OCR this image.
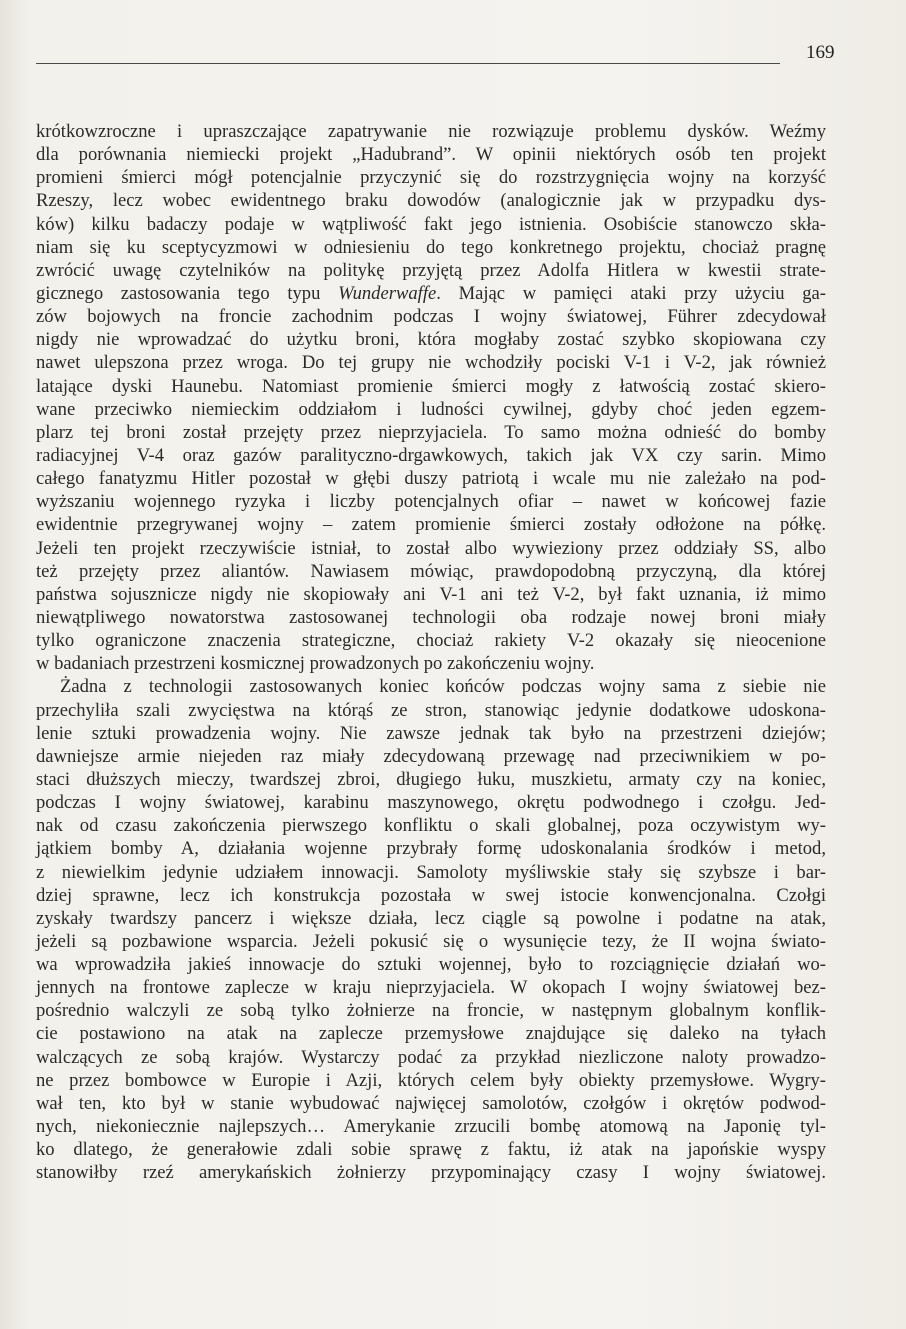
169
krótkowzroczne i upraszczające zapatrywanie nie rozwiązuje problemu dysków. Weźmy
dla porównania niemiecki projekt „Hadubrand”. W opinii niektórych osób ten projekt
promieni śmierci mógł potencjalnie przyczynić się do rozstrzygnięcia wojny na korzyść
Rzeszy, lecz wobec ewidentnego braku dowodów (analogicznie jak w przypadku dys-
ków) kilku badaczy podaje w wątpliwość fakt jego istnienia. Osobiście stanowczo skła-
niam się ku sceptycyzmowi w odniesieniu do tego konkretnego projektu, chociaż pragnę
zwrócić uwagę czytelników na politykę przyjętą przez Adolfa Hitlera w kwestii strate-
gicznego zastosowania tego typu Wunderwaffe. Mając w pamięci ataki przy użyciu ga-
zów bojowych na froncie zachodnim podczas I wojny światowej, Führer zdecydował
nigdy nie wprowadzać do użytku broni, która mogłaby zostać szybko skopiowana czy
nawet ulepszona przez wroga. Do tej grupy nie wchodziły pociski V-1 i V-2, jak również
latające dyski Haunebu. Natomiast promienie śmierci mogły z łatwością zostać skiero-
wane przeciwko niemieckim oddziałom i ludności cywilnej, gdyby choć jeden egzem-
plarz tej broni został przejęty przez nieprzyjaciela. To samo można odnieść do bomby
radiacyjnej V-4 oraz gazów paralityczno-drgawkowych, takich jak VX czy sarin. Mimo
całego fanatyzmu Hitler pozostał w głębi duszy patriotą i wcale mu nie zależało na pod-
wyższaniu wojennego ryzyka i liczby potencjalnych ofiar – nawet w końcowej fazie
ewidentnie przegrywanej wojny – zatem promienie śmierci zostały odłożone na półkę.
Jeżeli ten projekt rzeczywiście istniał, to został albo wywieziony przez oddziały SS, albo
też przejęty przez aliantów. Nawiasem mówiąc, prawdopodobną przyczyną, dla której
państwa sojusznicze nigdy nie skopiowały ani V-1 ani też V-2, był fakt uznania, iż mimo
niewątpliwego nowatorstwa zastosowanej technologii oba rodzaje nowej broni miały
tylko ograniczone znaczenia strategiczne, chociaż rakiety V-2 okazały się nieocenione
w badaniach przestrzeni kosmicznej prowadzonych po zakończeniu wojny.
Żadna z technologii zastosowanych koniec końców podczas wojny sama z siebie nie
przechyliła szali zwycięstwa na którąś ze stron, stanowiąc jedynie dodatkowe udoskona-
lenie sztuki prowadzenia wojny. Nie zawsze jednak tak było na przestrzeni dziejów;
dawniejsze armie niejeden raz miały zdecydowaną przewagę nad przeciwnikiem w po-
staci dłuższych mieczy, twardszej zbroi, długiego łuku, muszkietu, armaty czy na koniec,
podczas I wojny światowej, karabinu maszynowego, okrętu podwodnego i czołgu. Jed-
nak od czasu zakończenia pierwszego konfliktu o skali globalnej, poza oczywistym wy-
jątkiem bomby A, działania wojenne przybrały formę udoskonalania środków i metod,
z niewielkim jedynie udziałem innowacji. Samoloty myśliwskie stały się szybsze i bar-
dziej sprawne, lecz ich konstrukcja pozostała w swej istocie konwencjonalna. Czołgi
zyskały twardszy pancerz i większe działa, lecz ciągle są powolne i podatne na atak,
jeżeli są pozbawione wsparcia. Jeżeli pokusić się o wysunięcie tezy, że II wojna świato-
wa wprowadziła jakieś innowacje do sztuki wojennej, było to rozciągnięcie działań wo-
jennych na frontowe zaplecze w kraju nieprzyjaciela. W okopach I wojny światowej bez-
pośrednio walczyli ze sobą tylko żołnierze na froncie, w następnym globalnym konflik-
cie postawiono na atak na zaplecze przemysłowe znajdujące się daleko na tyłach
walczących ze sobą krajów. Wystarczy podać za przykład niezliczone naloty prowadzo-
ne przez bombowce w Europie i Azji, których celem były obiekty przemysłowe. Wygry-
wał ten, kto był w stanie wybudować najwięcej samolotów, czołgów i okrętów podwod-
nych, niekoniecznie najlepszych… Amerykanie zrzucili bombę atomową na Japonię tyl-
ko dlatego, że generałowie zdali sobie sprawę z faktu, iż atak na japońskie wyspy
stanowiłby rzeź amerykańskich żołnierzy przypominający czasy I wojny światowej.
